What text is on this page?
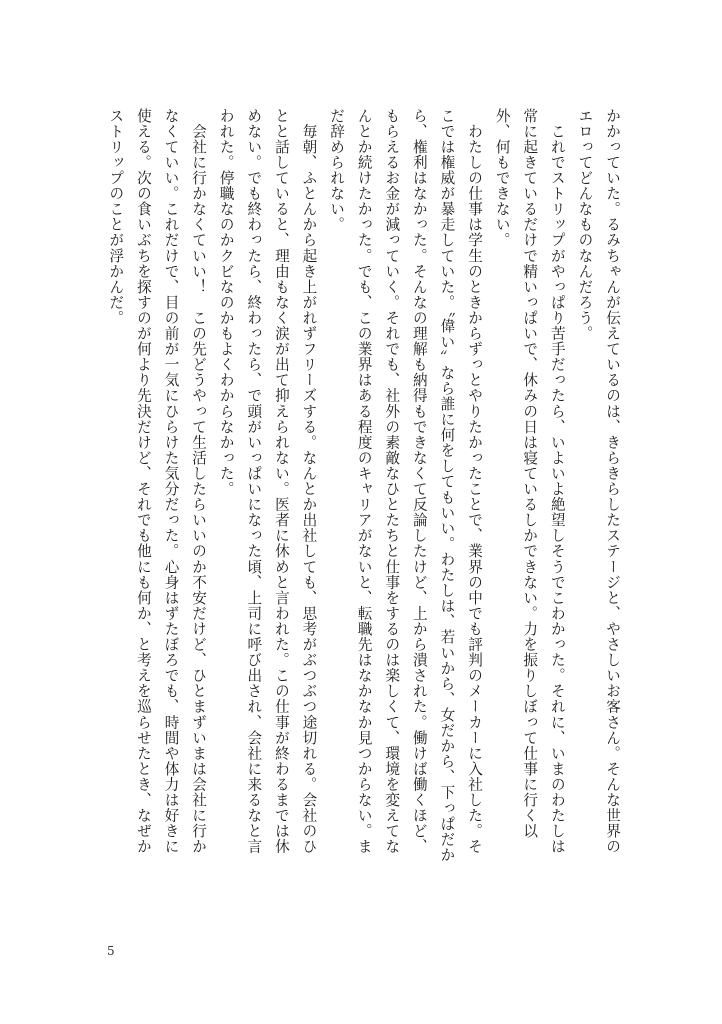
かかっていた。るみちゃんが伝えているのは、きらきらしたステージと、やさしいお客さん。そんな世界のエロってどんなものなんだろう。

　これでストリップがやっぱり苦手だったら、いよいよ絶望しそうでこわかった。それに、いまのわたしは常に起きているだけで精いっぱいで、休みの日は寝ているしかできない。力を振りしぼって仕事に行く以外、何もできない。

　わたしの仕事は学生のときからずっとやりたかったことで、業界の中でも評判のメーカーに入社した。そこでは権威が暴走していた。〝偉い〟なら誰に何をしてもいい。わたしは、若いから、女だから、下っぱだから、権利はなかった。そんなの理解も納得もできなくて反論したけど、上から潰された。働けば働くほど、もらえるお金が減っていく。それでも、社外の素敵なひとたちと仕事をするのは楽しくて、環境を変えてなんとか続けたかった。でも、この業界はある程度のキャリアがないと、転職先はなかなか見つからない。まだ辞められない。

　毎朝、ふとんから起き上がれずフリーズする。なんとか出社しても、思考がぶつぶつ途切れる。会社のひとと話していると、理由もなく涙が出て抑えられない。医者に休めと言われた。この仕事が終わるまでは休めない。でも終わったら、終わったら、で頭がいっぱいになった頃、上司に呼び出され、会社に来るなと言われた。停職なのかクビなのかもよくわからなかった。

　会社に行かなくていい！　この先どうやって生活したらいいのか不安だけど、ひとまずいまは会社に行かなくていい。これだけで、目の前が一気にひらけた気分だった。心身はずたぼろでも、時間や体力は好きに使える。次の食いぶちを探すのが何より先決だけど、それでも他にも何か、と考えを巡らせたとき、なぜかストリップのことが浮かんだ。

5
